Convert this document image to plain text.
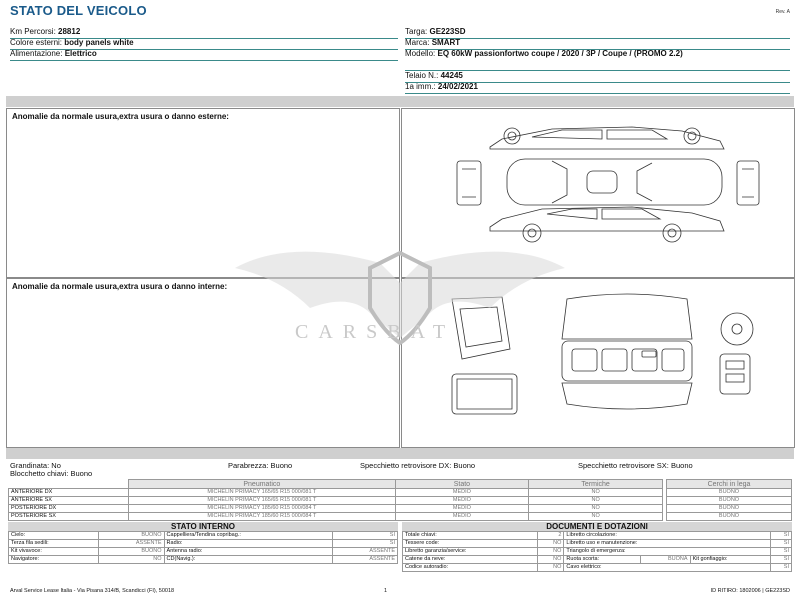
STATO DEL VEICOLO	Rev. A
Km Percorsi: 28812
Colore esterni: body panels white
Alimentazione: Elettrico
Targa: GE223SD
Marca: SMART
Modello: EQ 60kW passionfortwo coupe / 2020 / 3P / Coupe / (PROMO 2.2)
Telaio N.: 44245
1a imm.: 24/02/2021
Anomalie da normale usura,extra usura o danno esterne:
Anomalie da normale usura,extra usura o danno interne:
CARSBAT
Grandinata: No	Parabrezza: Buono	Specchietto retrovisore DX: Buono	Specchietto retrovisore SX: Buono
Blocchetto chiavi: Buono
	Pneumatico	Stato	Termiche
ANTERIORE DX	MICHELIN PRIMACY 165/65 R15 000/081 T	MEDIO	NO
ANTERIORE SX	MICHELIN PRIMACY 165/65 R15 000/081 T	MEDIO	NO
POSTERIORE DX	MICHELIN PRIMACY 185/60 R15 000/084 T	MEDIO	NO
POSTERIORE SX	MICHELIN PRIMACY 185/60 R15 000/084 T	MEDIO	NO
Cerchi in lega
BUONO
BUONO
BUONO
BUONO
STATO INTERNO
Cielo:	BUONO	Cappelliera/Tendina copribag.:	SI
Terza fila sedili:	ASSENTE	Radio:	SI
Kit vivavoce:	BUONO	Antenna radio:	ASSENTE
Navigatore:	NO	CD(Navig.):	ASSENTE
DOCUMENTI E DOTAZIONI
Totale chiavi:	2	Libretto circolazione:			SI
Tessere code:	NO	Libretto uso e manutenzione:			SI
Libretto garanzia/service:	NO	Triangolo di emergenza:			SI
Catene da neve:	NO	Ruota scorta:	BUONA	Kit gonfiaggio:	SI
Codice autoradio:	NO	Cavo elettrico:			SI
Arval Service Lease Italia - Via Pisana 314/B, Scandicci (FI), 50018	1	ID RITIRO: 1802006 | GE223SD
